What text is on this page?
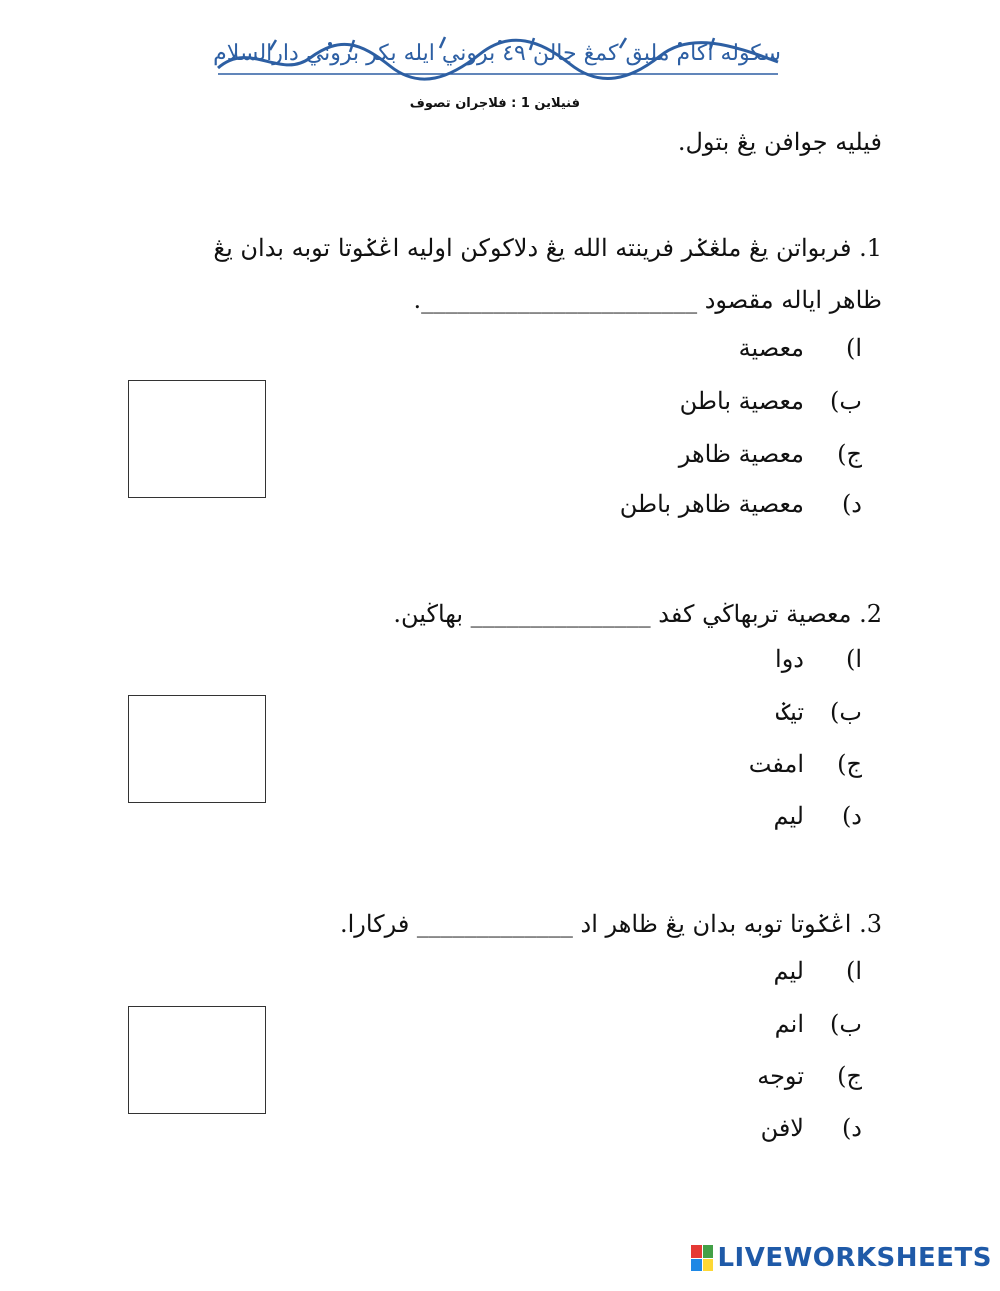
سکوله اکام ملبق کمڠ جالن ٤٩ بروني ايله بکر بروني دارالسلام
فنيلاين 1 : فلاجران تصوف
فيليه جوافن يڠ بتول.
1. فربواتن يڠ ملڠݢر فرينته الله يڠ دلاکوکن اوليه اڠݢوتا توبه بدان يڠ ظاهر اياله مقصود _______________________.
ا)
معصية
ب)
معصية باطن
ج)
معصية ظاهر
د)
معصية ظاهر باطن
2. معصية تربهاڬي کفد _______________ بهاڬين.
ا)
دوا
ب)
تيݢ
ج)
امفت
د)
ليم
3. اڠݢوتا توبه بدان يڠ ظاهر اد _____________ فرکارا.
ا)
ليم
ب)
انم
ج)
توجه
د)
لافن
LIVEWORKSHEETS
